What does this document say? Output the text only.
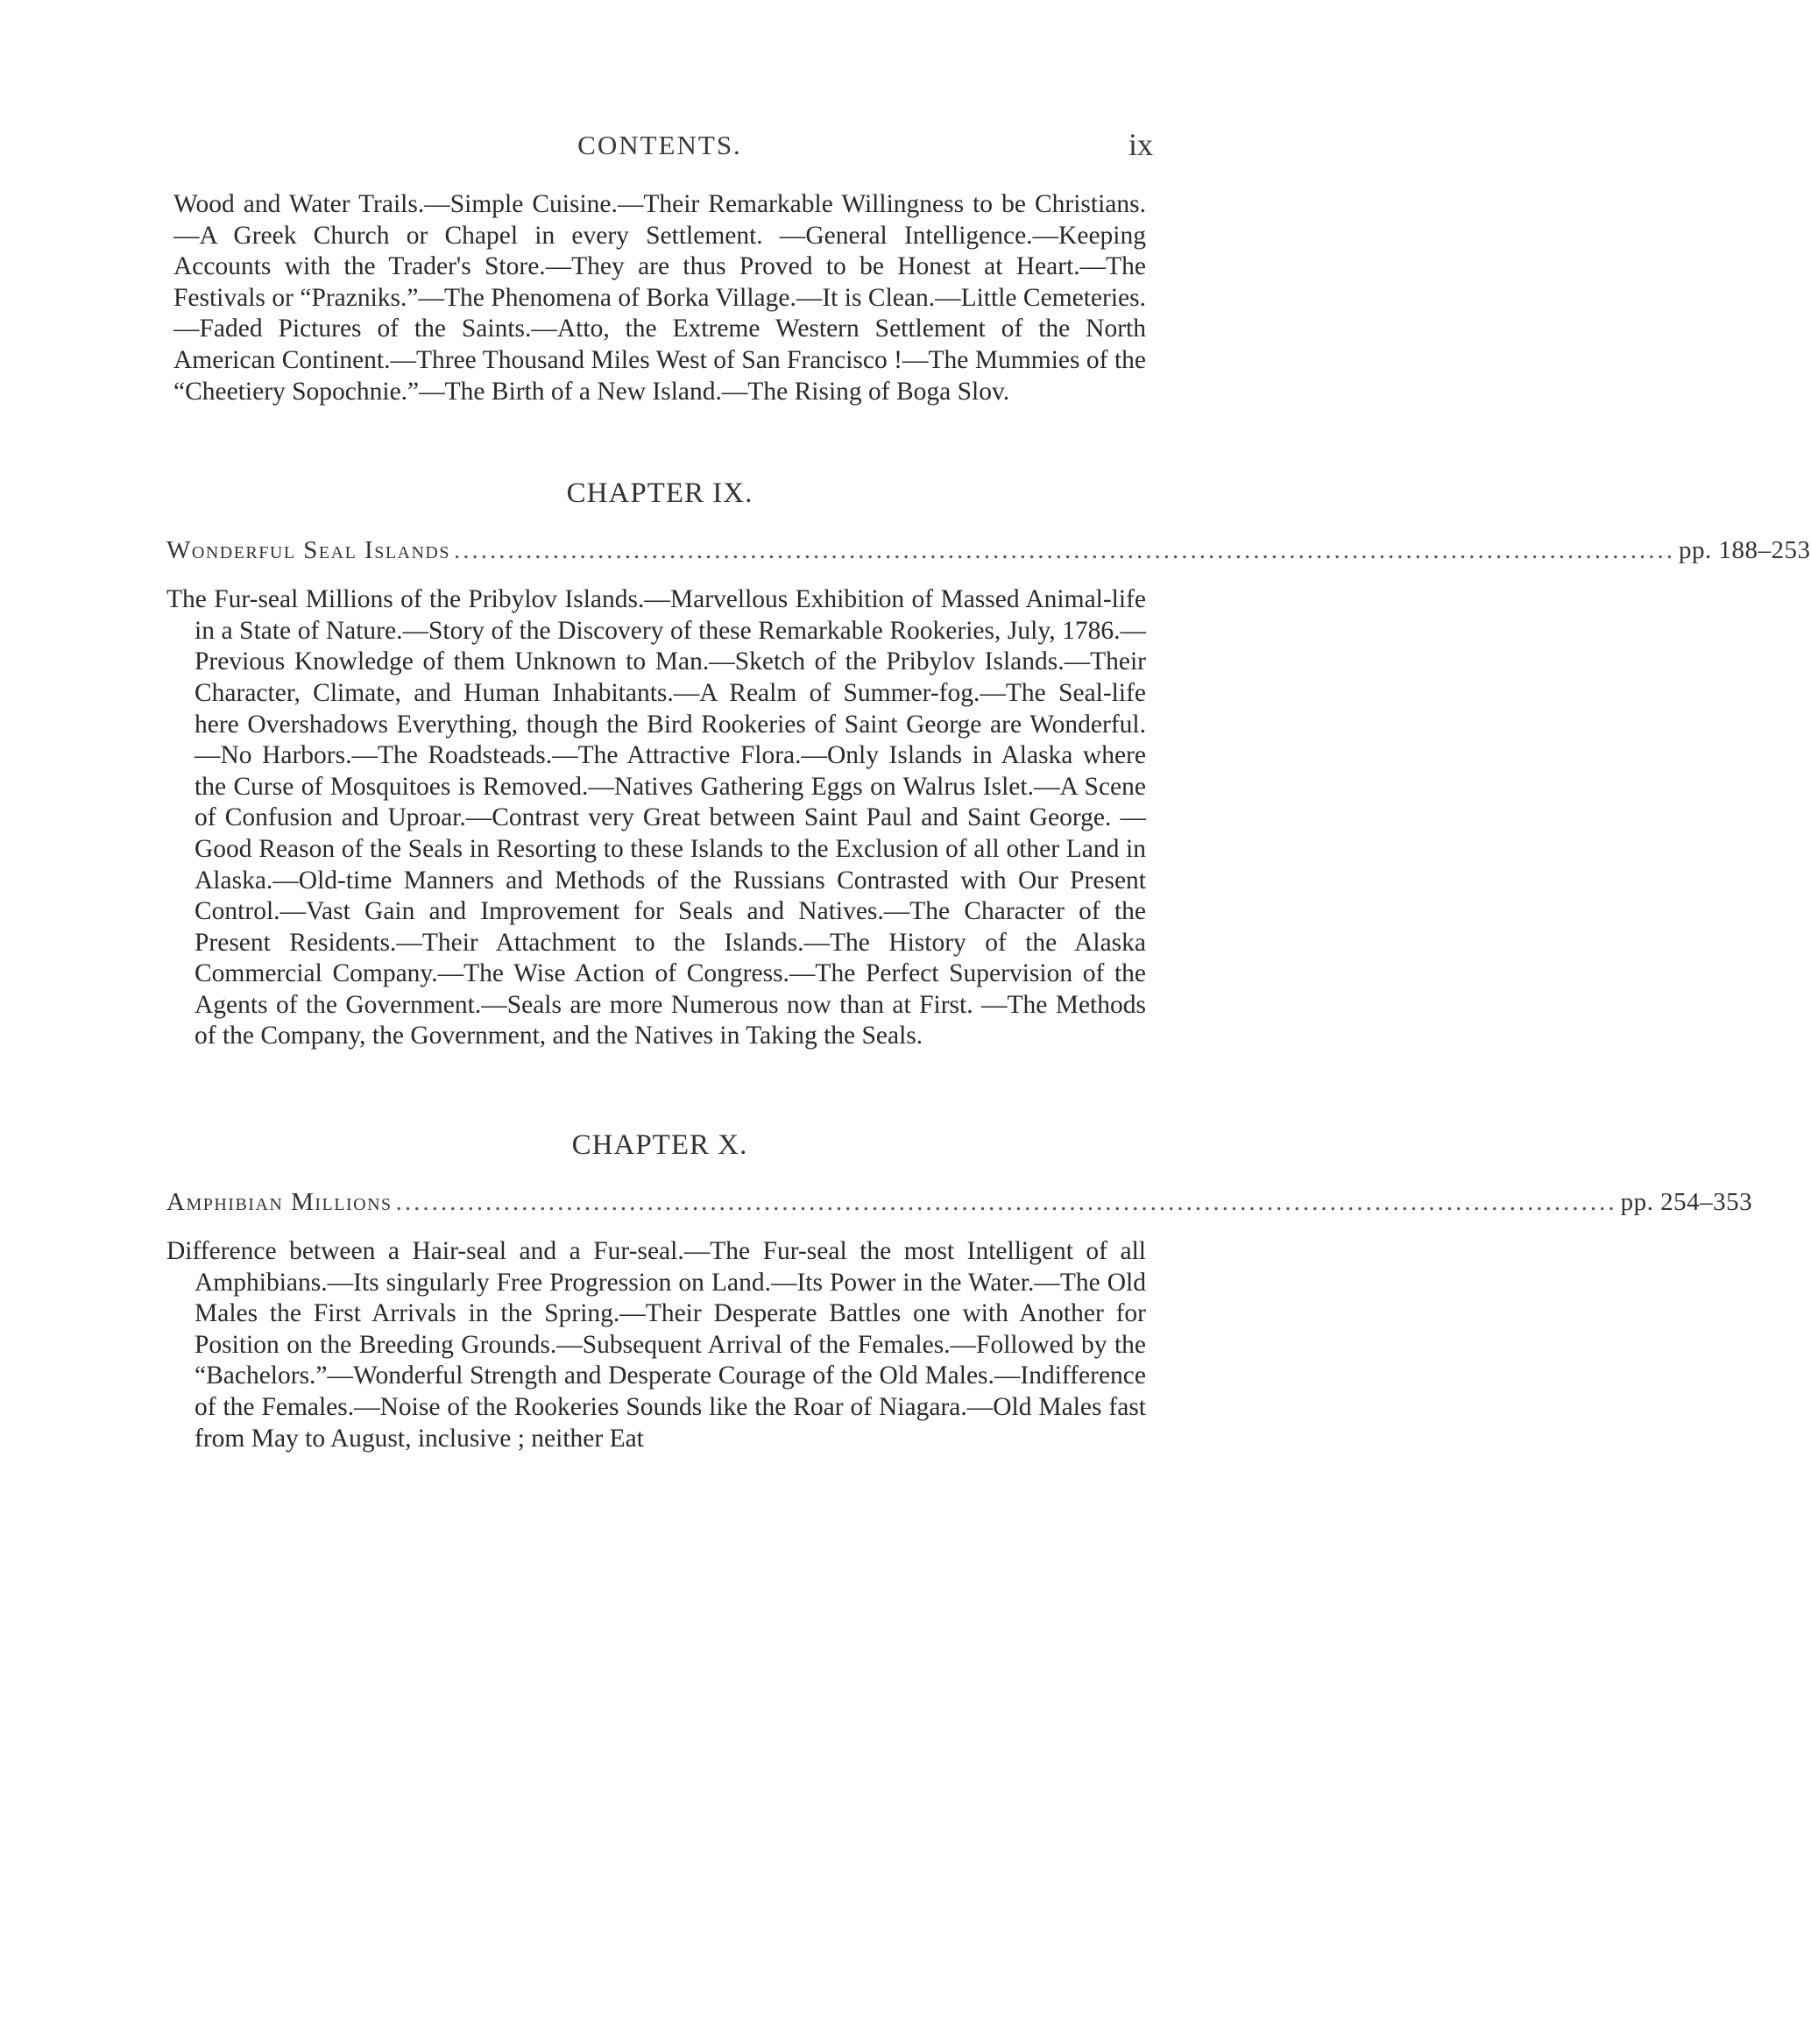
CONTENTS.	ix

Wood and Water Trails.—Simple Cuisine.—Their Remarkable Willingness to be Christians.—A Greek Church or Chapel in every Settlement. —General Intelligence.—Keeping Accounts with the Trader's Store.—They are thus Proved to be Honest at Heart.—The Festivals or “Prazniks.”—The Phenomena of Borka Village.—It is Clean.—Little Cemeteries.—Faded Pictures of the Saints.—Atto, the Extreme Western Settlement of the North American Continent.—Three Thousand Miles West of San Francisco !—The Mummies of the “Cheetiery Sopochnie.”—The Birth of a New Island.—The Rising of Boga Slov.

CHAPTER IX.
Wonderful Seal Islands ........................................................................................................................................ pp. 188–253

The Fur-seal Millions of the Pribylov Islands.—Marvellous Exhibition of Massed Animal-life in a State of Nature.—Story of the Discovery of these Remarkable Rookeries, July, 1786.—Previous Knowledge of them Unknown to Man.—Sketch of the Pribylov Islands.—Their Character, Climate, and Human Inhabitants.—A Realm of Summer-fog.—The Seal-life here Overshadows Everything, though the Bird Rookeries of Saint George are Wonderful.—No Harbors.—The Roadsteads.—The Attractive Flora.—Only Islands in Alaska where the Curse of Mosquitoes is Removed.—Natives Gathering Eggs on Walrus Islet.—A Scene of Confusion and Uproar.—Contrast very Great between Saint Paul and Saint George. —Good Reason of the Seals in Resorting to these Islands to the Exclusion of all other Land in Alaska.—Old-time Manners and Methods of the Russians Contrasted with Our Present Control.—Vast Gain and Improvement for Seals and Natives.—The Character of the Present Residents.—Their Attachment to the Islands.—The History of the Alaska Commercial Company.—The Wise Action of Congress.—The Perfect Supervision of the Agents of the Government.—Seals are more Numerous now than at First. —The Methods of the Company, the Government, and the Natives in Taking the Seals.

CHAPTER X.
Amphibian Millions ........................................................................................................................................ pp. 254–353

Difference between a Hair-seal and a Fur-seal.—The Fur-seal the most Intelligent of all Amphibians.—Its singularly Free Progression on Land.—Its Power in the Water.—The Old Males the First Arrivals in the Spring.—Their Desperate Battles one with Another for Position on the Breeding Grounds.—Subsequent Arrival of the Females.—Followed by the “Bachelors.”—Wonderful Strength and Desperate Courage of the Old Males.—Indifference of the Females.—Noise of the Rookeries Sounds like the Roar of Niagara.—Old Males fast from May to August, inclusive ; neither Eat
